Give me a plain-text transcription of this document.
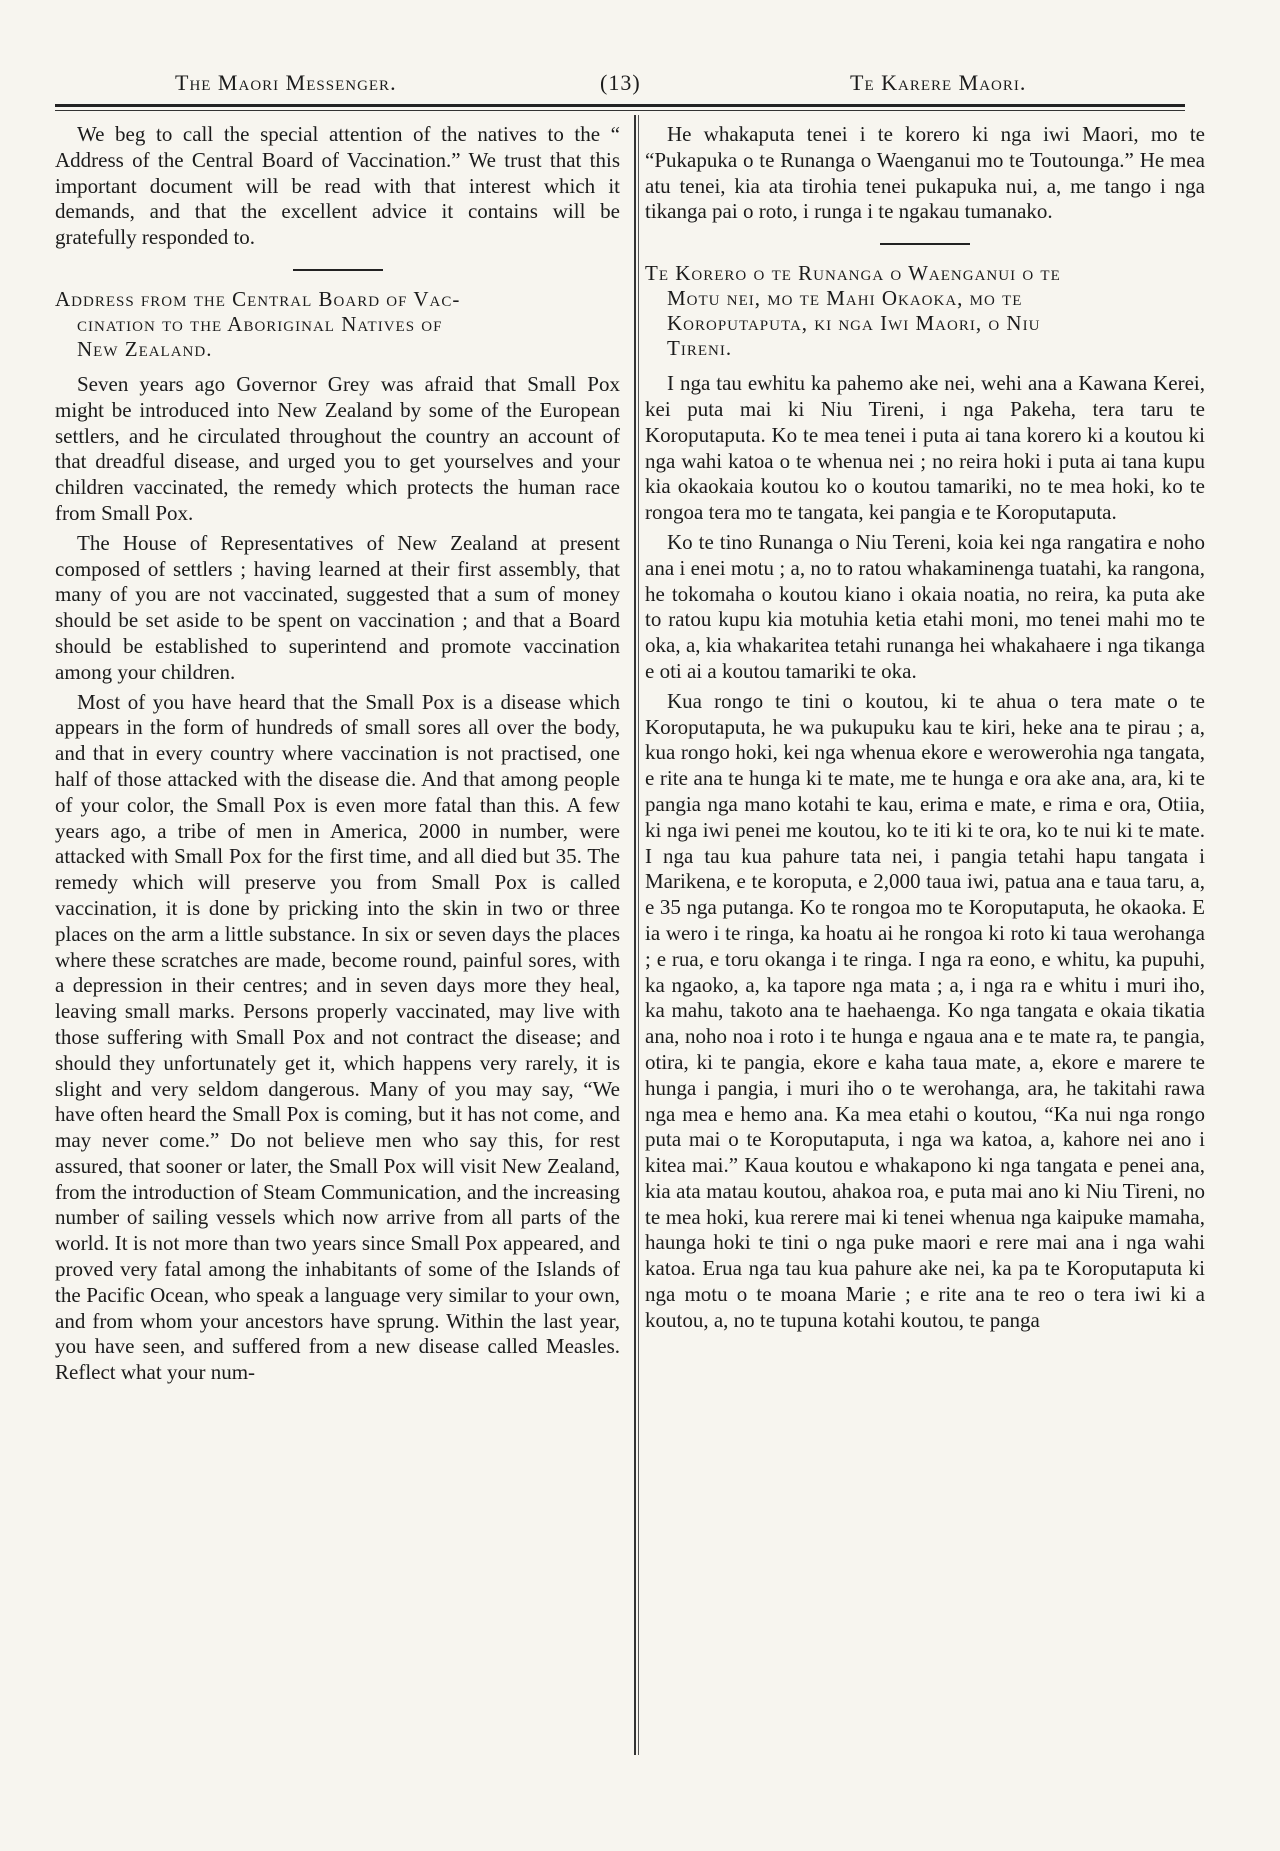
The Maori Messenger.	(13)	Te Karere Maori.

We beg to call the special attention of the natives to the “ Address of the Central Board of Vaccination.” We trust that this important document will be read with that interest which it demands, and that the excellent advice it contains will be gratefully responded to.

Address from the Central Board of Vac-
cination to the Aboriginal Natives of
New Zealand.

Seven years ago Governor Grey was afraid that Small Pox might be introduced into New Zealand by some of the European settlers, and he circulated throughout the country an account of that dreadful disease, and urged you to get yourselves and your children vaccinated, the remedy which protects the human race from Small Pox.

The House of Representatives of New Zealand at present composed of settlers ; having learned at their first assembly, that many of you are not vaccinated, suggested that a sum of money should be set aside to be spent on vaccination ; and that a Board should be established to superintend and promote vaccination among your children.

Most of you have heard that the Small Pox is a disease which appears in the form of hundreds of small sores all over the body, and that in every country where vaccination is not practised, one half of those attacked with the disease die. And that among people of your color, the Small Pox is even more fatal than this. A few years ago, a tribe of men in America, 2000 in number, were attacked with Small Pox for the first time, and all died but 35. The remedy which will preserve you from Small Pox is called vaccination, it is done by pricking into the skin in two or three places on the arm a little substance. In six or seven days the places where these scratches are made, become round, painful sores, with a depression in their centres; and in seven days more they heal, leaving small marks. Persons properly vaccinated, may live with those suffering with Small Pox and not contract the disease; and should they unfortunately get it, which happens very rarely, it is slight and very seldom dangerous. Many of you may say, “We have often heard the Small Pox is coming, but it has not come, and may never come.” Do not believe men who say this, for rest assured, that sooner or later, the Small Pox will visit New Zealand, from the introduction of Steam Communication, and the increasing number of sailing vessels which now arrive from all parts of the world. It is not more than two years since Small Pox appeared, and proved very fatal among the inhabitants of some of the Islands of the Pacific Ocean, who speak a language very similar to your own, and from whom your ancestors have sprung. Within the last year, you have seen, and suffered from a new disease called Measles. Reflect what your num-

He whakaputa tenei i te korero ki nga iwi Maori, mo te “Pukapuka o te Runanga o Waenganui mo te Toutounga.” He mea atu tenei, kia ata tirohia tenei pukapuka nui, a, me tango i nga tikanga pai o roto, i runga i te ngakau tumanako.

Te Korero o te Runanga o Waenganui o te
Motu nei, mo te Mahi Okaoka, mo te
Koroputaputa, ki nga Iwi Maori, o Niu
Tireni.

I nga tau ewhitu ka pahemo ake nei, wehi ana a Kawana Kerei, kei puta mai ki Niu Tireni, i nga Pakeha, tera taru te Koroputaputa. Ko te mea tenei i puta ai tana korero ki a koutou ki nga wahi katoa o te whenua nei ; no reira hoki i puta ai tana kupu kia okaokaia koutou ko o koutou tamariki, no te mea hoki, ko te rongoa tera mo te tangata, kei pangia e te Koroputaputa.

Ko te tino Runanga o Niu Tereni, koia kei nga rangatira e noho ana i enei motu ; a, no to ratou whakaminenga tuatahi, ka rangona, he tokomaha o koutou kiano i okaia noatia, no reira, ka puta ake to ratou kupu kia motuhia ketia etahi moni, mo tenei mahi mo te oka, a, kia whakaritea tetahi runanga hei whakahaere i nga tikanga e oti ai a koutou tamariki te oka.

Kua rongo te tini o koutou, ki te ahua o tera mate o te Koroputaputa, he wa pukupuku kau te kiri, heke ana te pirau ; a, kua rongo hoki, kei nga whenua ekore e werowerohia nga tangata, e rite ana te hunga ki te mate, me te hunga e ora ake ana, ara, ki te pangia nga mano kotahi te kau, erima e mate, e rima e ora, Otiia, ki nga iwi penei me koutou, ko te iti ki te ora, ko te nui ki te mate. I nga tau kua pahure tata nei, i pangia tetahi hapu tangata i Marikena, e te koroputa, e 2,000 taua iwi, patua ana e taua taru, a, e 35 nga putanga. Ko te rongoa mo te Koroputaputa, he okaoka. E ia wero i te ringa, ka hoatu ai he rongoa ki roto ki taua werohanga ; e rua, e toru okanga i te ringa. I nga ra eono, e whitu, ka pupuhi, ka ngaoko, a, ka tapore nga mata ; a, i nga ra e whitu i muri iho, ka mahu, takoto ana te haehaenga. Ko nga tangata e okaia tikatia ana, noho noa i roto i te hunga e ngaua ana e te mate ra, te pangia, otira, ki te pangia, ekore e kaha taua mate, a, ekore e marere te hunga i pangia, i muri iho o te werohanga, ara, he takitahi rawa nga mea e hemo ana. Ka mea etahi o koutou, “Ka nui nga rongo puta mai o te Koroputaputa, i nga wa katoa, a, kahore nei ano i kitea mai.” Kaua koutou e whakapono ki nga tangata e penei ana, kia ata matau koutou, ahakoa roa, e puta mai ano ki Niu Tireni, no te mea hoki, kua rerere mai ki tenei whenua nga kaipuke mamaha, haunga hoki te tini o nga puke maori e rere mai ana i nga wahi katoa. Erua nga tau kua pahure ake nei, ka pa te Koroputaputa ki nga motu o te moana Marie ; e rite ana te reo o tera iwi ki a koutou, a, no te tupuna kotahi koutou, te panga
